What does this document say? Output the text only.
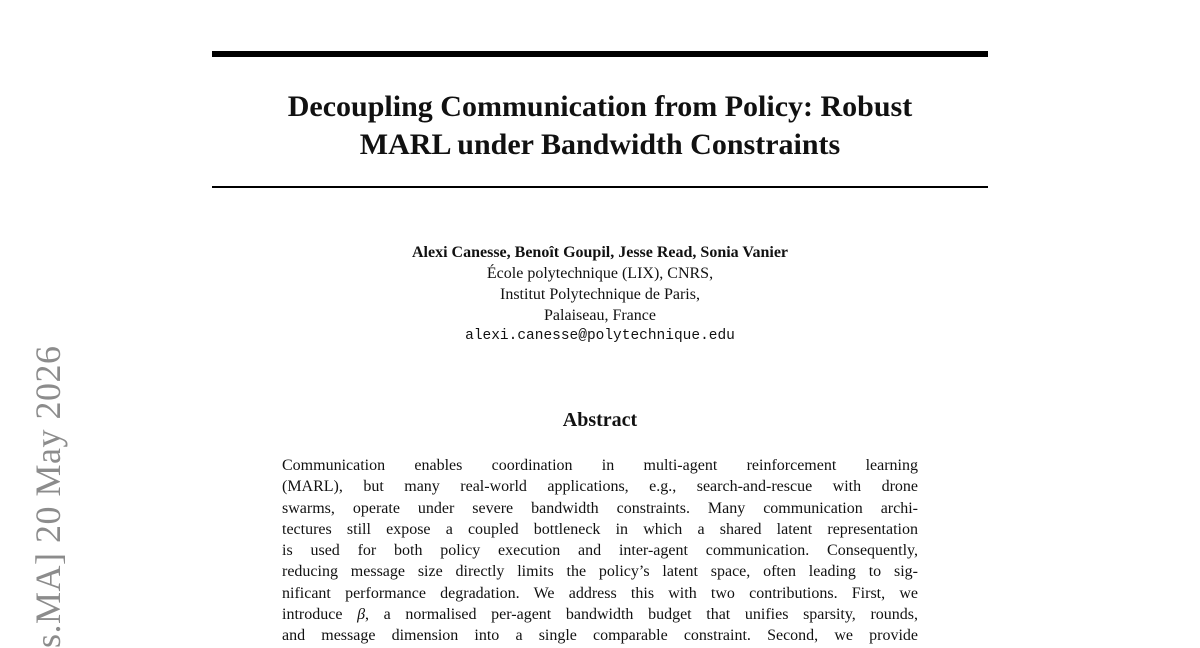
Decoupling Communication from Policy: Robust
MARL under Bandwidth Constraints
Alexi Canesse, Benoît Goupil, Jesse Read, Sonia Vanier
École polytechnique (LIX), CNRS,
Institut Polytechnique de Paris,
Palaiseau, France
alexi.canesse@polytechnique.edu
Abstract
Communication enables coordination in multi-agent reinforcement learning
(MARL), but many real-world applications, e.g., search-and-rescue with drone
swarms, operate under severe bandwidth constraints. Many communication archi-
tectures still expose a coupled bottleneck in which a shared latent representation
is used for both policy execution and inter-agent communication. Consequently,
reducing message size directly limits the policy’s latent space, often leading to sig-
nificant performance degradation. We address this with two contributions. First, we
introduce β, a normalised per-agent bandwidth budget that unifies sparsity, rounds,
and message dimension into a single comparable constraint. Second, we provide
s.MA] 20 May 2026
